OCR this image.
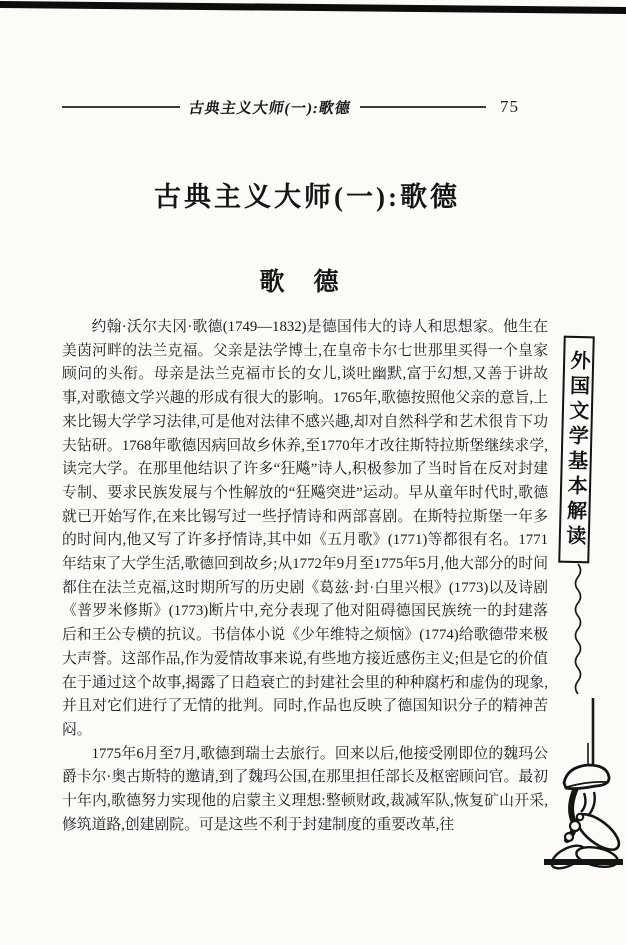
古典主义大师(一):歌德	75
古典主义大师(一):歌德
歌　德

约翰·沃尔夫冈·歌德(1749—1832)是德国伟大的诗人和思想家。他生在美茵河畔的法兰克福。父亲是法学博士,在皇帝卡尔七世那里买得一个皇家顾问的头衔。母亲是法兰克福市长的女儿,谈吐幽默,富于幻想,又善于讲故事,对歌德文学兴趣的形成有很大的影响。1765年,歌德按照他父亲的意旨,上来比锡大学学习法律,可是他对法律不感兴趣,却对自然科学和艺术很肯下功夫钻研。1768年歌德因病回故乡休养,至1770年才改往斯特拉斯堡继续求学,读完大学。在那里他结识了许多“狂飚”诗人,积极参加了当时旨在反对封建专制、要求民族发展与个性解放的“狂飚突进”运动。早从童年时代时,歌德就已开始写作,在来比锡写过一些抒情诗和两部喜剧。在斯特拉斯堡一年多的时间内,他又写了许多抒情诗,其中如《五月歌》(1771)等都很有名。1771年结束了大学生活,歌德回到故乡;从1772年9月至1775年5月,他大部分的时间都住在法兰克福,这时期所写的历史剧《葛兹·封·白里兴根》(1773)以及诗剧《普罗米修斯》(1773)断片中,充分表现了他对阻碍德国民族统一的封建落后和王公专横的抗议。书信体小说《少年维特之烦恼》(1774)给歌德带来极大声誉。这部作品,作为爱情故事来说,有些地方接近感伤主义;但是它的价值在于通过这个故事,揭露了日趋衰亡的封建社会里的种种腐朽和虚伪的现象,并且对它们进行了无情的批判。同时,作品也反映了德国知识分子的精神苦闷。

1775年6月至7月,歌德到瑞士去旅行。回来以后,他接受刚即位的魏玛公爵卡尔·奥古斯特的邀请,到了魏玛公国,在那里担任部长及枢密顾问官。最初十年内,歌德努力实现他的启蒙主义理想:整顿财政,裁减军队,恢复矿山开采,修筑道路,创建剧院。可是这些不利于封建制度的重要改革,往

外国文学基本解读
